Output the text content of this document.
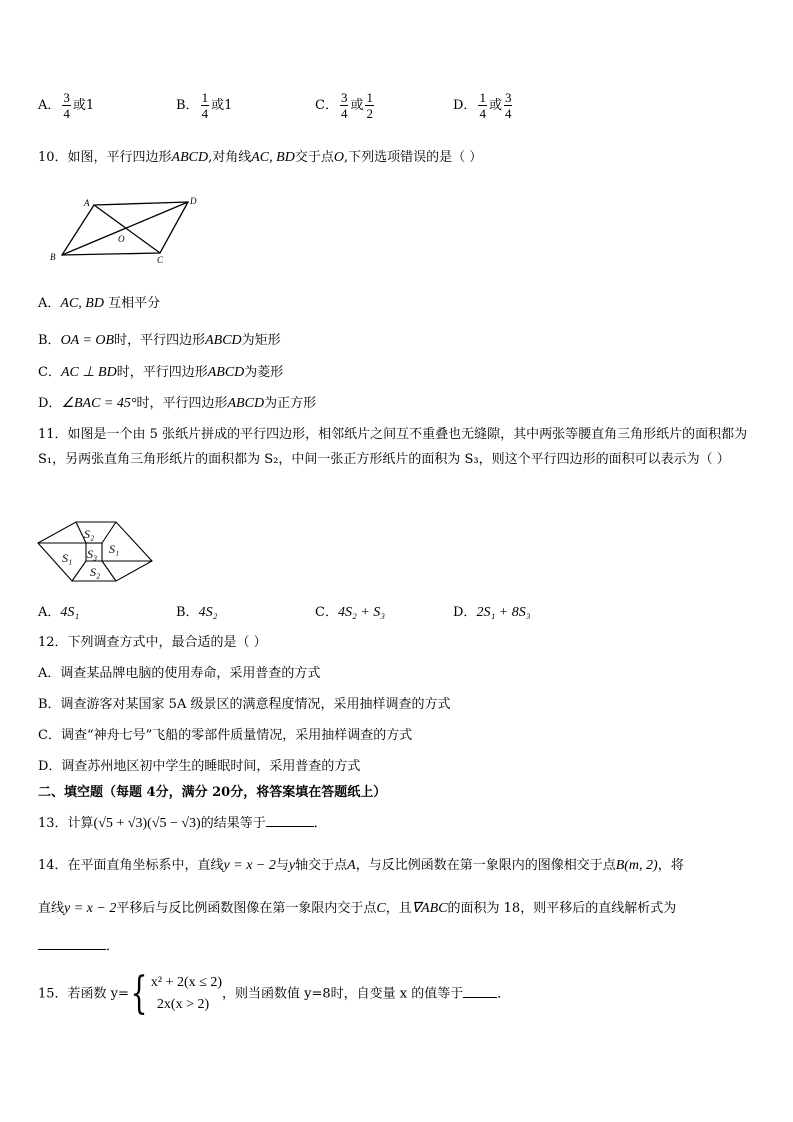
A． $\frac{3}{4}$ 或1	B． $\frac{1}{4}$ 或1	C． $\frac{3}{4}$ 或 $\frac{1}{2}$	D． $\frac{1}{4}$ 或 $\frac{3}{4}$
10．如图，平行四边形ABCD,对角线AC, BD交于点O,下列选项错误的是（ ）
A	D
B	C
O
A．AC, BD 互相平分
B．OA = OB时，平行四边形ABCD为矩形
C．AC ⊥ BD时，平行四边形ABCD为菱形
D．∠BAC = 45°时，平行四边形ABCD为正方形
11．如图是一个由 5 张纸片拼成的平行四边形，相邻纸片之间互不重叠也无缝隙，其中两张等腰直角三角形纸片的面积都为 S₁，另两张直角三角形纸片的面积都为 S₂，中间一张正方形纸片的面积为 S₃，则这个平行四边形的面积可以表示为（ ）
S₂
S₁
S₃
S₁
S₂
A．4S₁	B．4S₂	C．4S₂ + S₃	D．2S₁ + 8S₃
12．下列调查方式中，最合适的是（ ）
A．调查某品牌电脑的使用寿命，采用普查的方式
B．调查游客对某国家 5A 级景区的满意程度情况，采用抽样调查的方式
C．调查“神舟七号”飞船的零部件质量情况，采用抽样调查的方式
D．调查苏州地区初中学生的睡眠时间，采用普查的方式
二、填空题（每题 4分，满分 20分，将答案填在答题纸上）
13．计算(√5 + √3)(√5 − √3)的结果等于	．
14．在平面直角坐标系中，直线y = x − 2与y轴交于点A，与反比例函数在第一象限内的图像相交于点B(m, 2)，将
直线y = x − 2平移后与反比例函数图像在第一象限内交于点C，且∇ABC的面积为 18，则平移后的直线解析式为
．
15．若函数 y={ x² + 2(x ≤ 2)
2x(x > 2)
，则当函数值 y=8时，自变量 x 的值等于	．
